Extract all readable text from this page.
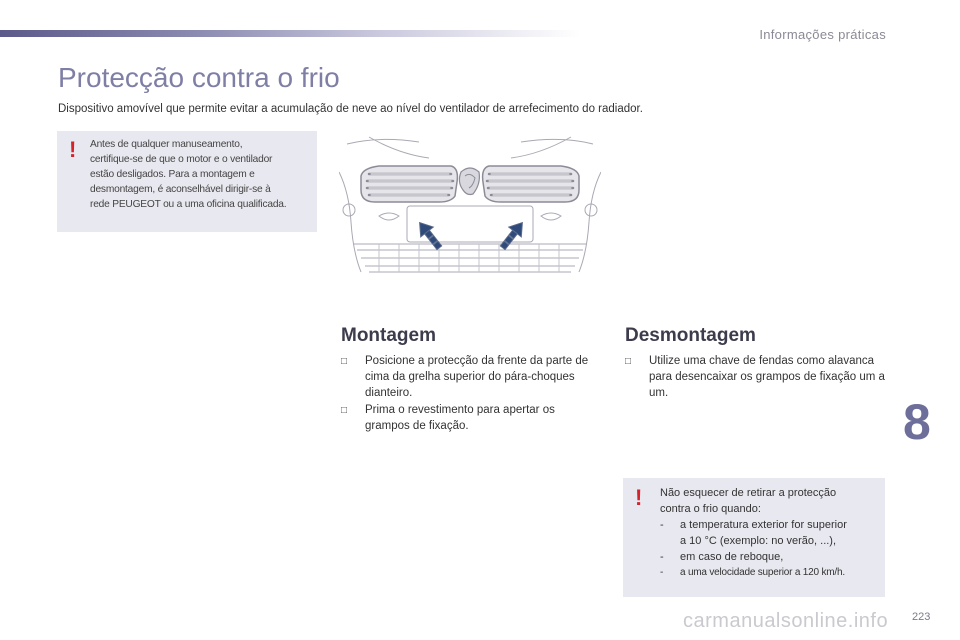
Informações práticas
Protecção contra o frio
Dispositivo amovível que permite evitar a acumulação de neve ao nível do ventilador de arrefecimento do radiador.
! Antes de qualquer manuseamento,
certifique-se de que o motor e o ventilador
estão desligados. Para a montagem e
desmontagem, é aconselhável dirigir-se à
rede PEUGEOT ou a uma oficina qualificada.
Montagem
□	Posicione a protecção da frente da parte de cima da grelha superior do pára-choques dianteiro.
□	Prima o revestimento para apertar os grampos de fixação.
Desmontagem
□	Utilize uma chave de fendas como alavanca para desencaixar os grampos de fixação um a um.
8
! Não esquecer de retirar a protecção
contra o frio quando:
-	a temperatura exterior for superior
a 10 °C (exemplo: no verão, ...),
-	em caso de reboque,
-	a uma velocidade superior a 120 km/h.
223
carmanualsonline.info
